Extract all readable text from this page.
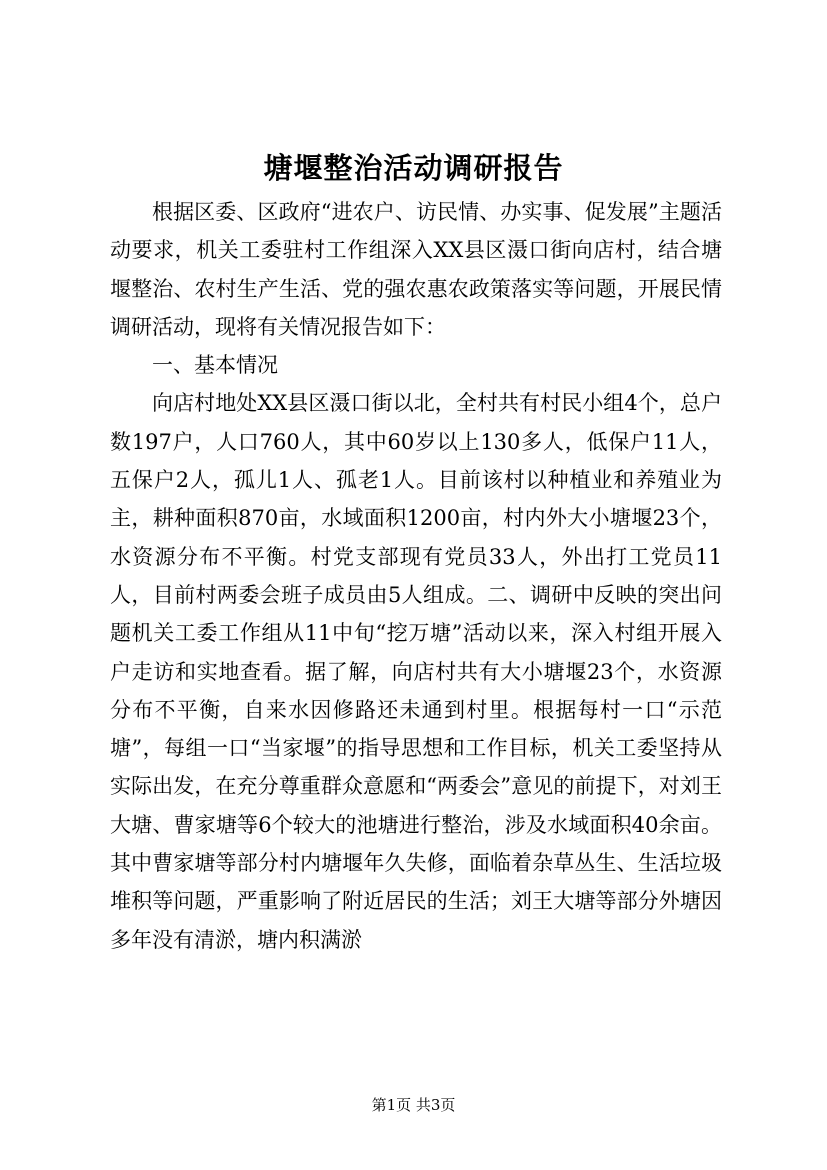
塘堰整治活动调研报告

根据区委、区政府“进农户、访民情、办实事、促发展”主题活动要求，机关工委驻村工作组深入XX县区滠口街向店村，结合塘堰整治、农村生产生活、党的强农惠农政策落实等问题，开展民情调研活动，现将有关情况报告如下：

一、基本情况

向店村地处XX县区滠口街以北，全村共有村民小组4个，总户数197户，人口760人，其中60岁以上130多人，低保户11人，五保户2人，孤儿1人、孤老1人。目前该村以种植业和养殖业为主，耕种面积870亩，水域面积1200亩，村内外大小塘堰23个，水资源分布不平衡。村党支部现有党员33人，外出打工党员11人，目前村两委会班子成员由5人组成。二、调研中反映的突出问题机关工委工作组从11中旬“挖万塘”活动以来，深入村组开展入户走访和实地查看。据了解，向店村共有大小塘堰23个，水资源分布不平衡，自来水因修路还未通到村里。根据每村一口“示范塘”，每组一口“当家堰”的指导思想和工作目标，机关工委坚持从实际出发，在充分尊重群众意愿和“两委会”意见的前提下，对刘王大塘、曹家塘等6个较大的池塘进行整治，涉及水域面积40余亩。其中曹家塘等部分村内塘堰年久失修，面临着杂草丛生、生活垃圾堆积等问题，严重影响了附近居民的生活；刘王大塘等部分外塘因多年没有清淤，塘内积满淤

第1页 共3页
